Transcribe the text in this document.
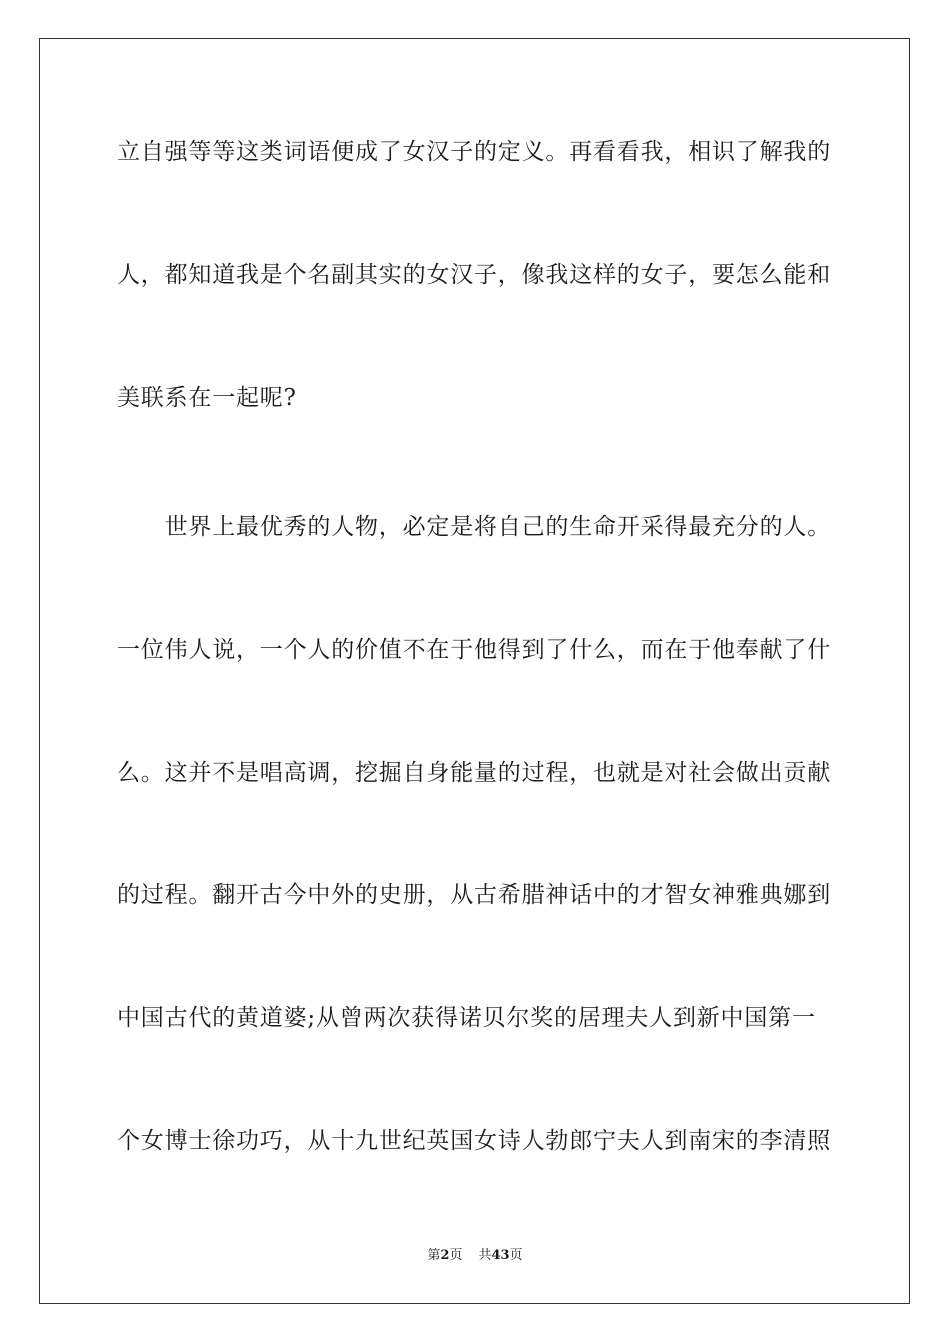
立自强等等这类词语便成了女汉子的定义。再看看我，相识了解我的
人，都知道我是个名副其实的女汉子，像我这样的女子，要怎么能和
美联系在一起呢?
　　世界上最优秀的人物，必定是将自己的生命开采得最充分的人。
一位伟人说，一个人的价值不在于他得到了什么，而在于他奉献了什
么。这并不是唱高调，挖掘自身能量的过程，也就是对社会做出贡献
的过程。翻开古今中外的史册，从古希腊神话中的才智女神雅典娜到
中国古代的黄道婆;从曾两次获得诺贝尔奖的居理夫人到新中国第一
个女博士徐功巧，从十九世纪英国女诗人勃郎宁夫人到南宋的李清照
第2页 共43页
